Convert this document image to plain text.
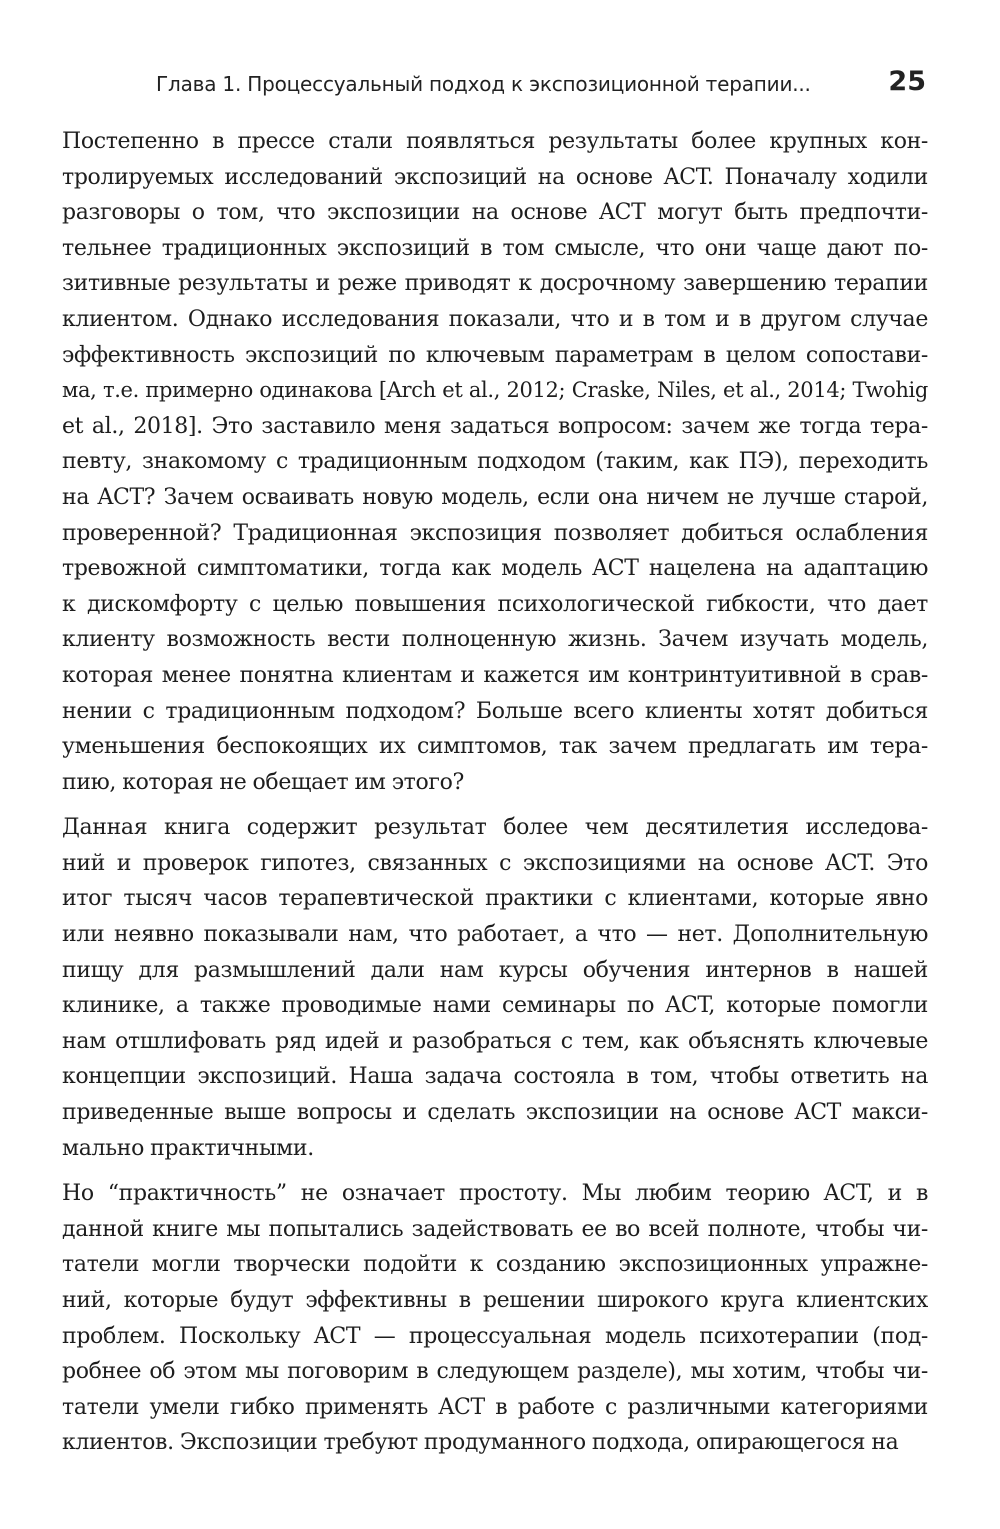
Глава 1. Процессуальный подход к экспозиционной терапии...	25

Постепенно в прессе стали появляться результаты более крупных кон-
тролируемых исследований экспозиций на основе ACT. Поначалу ходили
разговоры о том, что экспозиции на основе ACT могут быть предпочти-
тельнее традиционных экспозиций в том смысле, что они чаще дают по-
зитивные результаты и реже приводят к досрочному завершению терапии
клиентом. Однако исследования показали, что и в том и в другом случае
эффективность экспозиций по ключевым параметрам в целом сопостави-
ма, т.е. примерно одинакова [Arch et al., 2012; Craske, Niles, et al., 2014; Twohig
et al., 2018]. Это заставило меня задаться вопросом: зачем же тогда тера-
певту, знакомому с традиционным подходом (таким, как ПЭ), переходить
на ACT? Зачем осваивать новую модель, если она ничем не лучше старой,
проверенной? Традиционная экспозиция позволяет добиться ослабления
тревожной симптоматики, тогда как модель ACT нацелена на адаптацию
к дискомфорту с целью повышения психологической гибкости, что дает
клиенту возможность вести полноценную жизнь. Зачем изучать модель,
которая менее понятна клиентам и кажется им контринтуитивной в срав-
нении с традиционным подходом? Больше всего клиенты хотят добиться
уменьшения беспокоящих их симптомов, так зачем предлагать им тера-
пию, которая не обещает им этого?

Данная книга содержит результат более чем десятилетия исследова-
ний и проверок гипотез, связанных с экспозициями на основе ACT. Это
итог тысяч часов терапевтической практики с клиентами, которые явно
или неявно показывали нам, что работает, а что — нет. Дополнительную
пищу для размышлений дали нам курсы обучения интернов в нашей
клинике, а также проводимые нами семинары по ACT, которые помогли
нам отшлифовать ряд идей и разобраться с тем, как объяснять ключевые
концепции экспозиций. Наша задача состояла в том, чтобы ответить на
приведенные выше вопросы и сделать экспозиции на основе ACT макси-
мально практичными.

Но “практичность” не означает простоту. Мы любим теорию ACT, и в
данной книге мы попытались задействовать ее во всей полноте, чтобы чи-
татели могли творчески подойти к созданию экспозиционных упражне-
ний, которые будут эффективны в решении широкого круга клиентских
проблем. Поскольку ACT — процессуальная модель психотерапии (под-
робнее об этом мы поговорим в следующем разделе), мы хотим, чтобы чи-
татели умели гибко применять ACT в работе с различными категориями
клиентов. Экспозиции требуют продуманного подхода, опирающегося на
